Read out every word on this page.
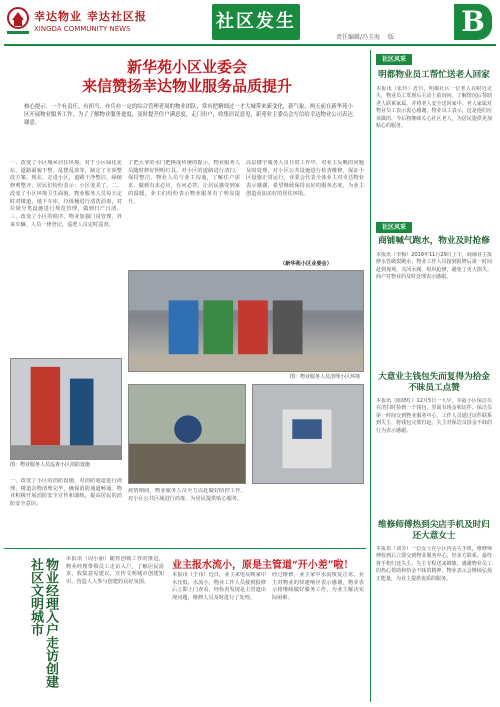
幸达物业 幸达社区报
XINGDA COMMUNITY NEWS	社区发生
责任编辑/冯玉海 版 B
新华苑小区业委会
来信赞扬幸达物业服务品质提升
核心提示：一个有责任、有担当、亦兵亦一定的综合管理者周的物业团队，常有把精细过一才大城带来新变化，新气象。两天前在新华苑小区开展物业服务工作，为了了解物业服务进度，及时提升住户满意度，走门串户，收集居民意见，新苑业主委员会写信给幸达物业公司表达谢意。
一、改变了小区城乡居住环境。对于小区绿化花坛、道路面貌不整、乱摆乱放等，制定了专项整改方案。现在，走进小区，道路干净整洁，绿植修剪整齐，居民们纷纷表示：小区变美了。二、改变了小区环境卫生面貌。物业服务人员每天定时对楼道、地下车库、垃圾桶进行清洗消毒，对垃圾分类设施进行规范管理，做到日产日清。三、改变了小区的秩序。物业加强门岗管理，外来车辆、人员一律登记，巡逻人员定时巡查。
了把大爷的水门把换成传统的提示，物业服务人员随时修好照明灯具。对小区的道路进行清扫，保持整洁。物业人员与业主沟通，了解住户需求，做到有求必应，有问必答，让居民感受到家的温暖。业主们纷纷表示物业服务有了明显提升。
高层楼宇服务人员日常工作中，对业主反映的问题及时处理，对小区公共设施进行检查维修，保证小区设施正常运行。业委会代表全体业主对幸达物业表示感谢，希望继续保持良好的服务态度，为业主创造更加美好的居住环境。
（新华苑小区业委会）
图：物业服务人员清理小区环境
图：物业服务人员巡查小区消防设施
一、改变了小区的消防设施，对消防通道进行清理，楼道杂物清理完毕，确保消防通道畅通。物业积极开展消防安全宣传和演练，提高居民的消防安全意识。
疫情期间，物业服务人员全力以赴做好防控工作，对小区公共区域进行消毒，为居民提供贴心服务。
物业经理入户走访创建社区文明城市	本报讯（周小丽）随着创城工作的推进，物业经理带领员工走访入户，了解居民需求，收集意见建议，宣传文明城市创建知识，营造人人参与创建的良好氛围。
业主报水流小，原是主管道“开小差”啦！
本报讯（王伟）近日，业主来电反映家中水压低、水流小，物业工作人员接到报修后立即上门查看，经检查发现是主管道出现问题，维修人员及时进行了处理。
经过维修，业主家中水流恢复正常。业主对物业的快速响应表示感谢，物业表示将继续做好服务工作，为业主解决实际困难。
社区风采
明都物业员工帮忙送老人回家
本报讯（张玲）近日，明都社区一位老人在附近走失，物业员工发现后主动上前询问，了解情况后帮助老人联系家属，并将老人安全送回家中。老人家属对物业员工表示衷心感谢。物业员工表示，这是他们应该做的，今后将继续关心社区老人，为居民提供更加贴心的服务。
社区风采
商铺喊气跑水，物业及时抢修
本报讯（李梅）2019年11月29日上午，商铺业主报修水管破裂跑水，物业工作人员接到报修后第一时间赶到现场，关闭水阀，组织抢修，避免了更大损失。商户对物业的及时处理表示感谢。
大意业主钱包失而复得为拾金不昧员工点赞
本报讯（陈晓红）12月5日一大早，幸福小区保洁员在清扫时捡到一个钱包，里面有现金和证件。保洁员第一时间交到物业服务中心，工作人员通过证件联系到失主，将钱包完璧归赵。失主对保洁员拾金不昧的行为表示感谢。
维修师傅热到尖店手机及时归还大意女士
本报讯（刘芳）一位女士在小区内丢失手机，维修师傅捡到后立即交到物业服务中心，经多方联系，最终将手机归还失主。失主专程送来锦旗，感谢物业员工的热心帮助和拾金不昧的精神。物业表示会继续弘扬正能量，为业主提供优质的服务。
